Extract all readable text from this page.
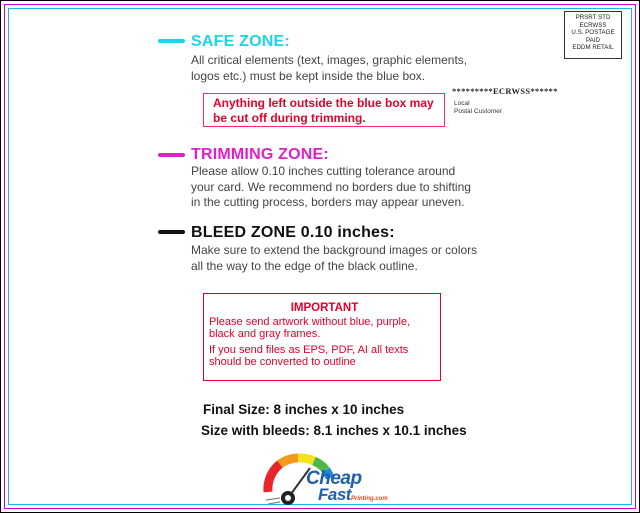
PRSRT STD
ECRWSS
U.S. POSTAGE
PAID
EDDM RETAIL
SAFE ZONE:
All critical elements (text, images, graphic elements,
logos etc.) must be kept inside the blue box.
Anything left outside the blue box may
be cut off during trimming.
*********ECRWSS******
Local
Postal Customer
TRIMMING ZONE:
Please allow 0.10 inches cutting tolerance around
your card. We recommend no borders due to shifting
in the cutting process, borders may appear uneven.
BLEED ZONE 0.10 inches:
Make sure to extend the background images or colors
all the way to the edge of the black outline.
IMPORTANT
Please send artwork without blue, purple,
black and gray frames.
If you send files as EPS, PDF, AI all texts
should be converted to outline
Final Size: 8 inches x 10 inches
Size with bleeds: 8.1 inches x 10.1 inches
Cheap
Fast Printing.com
